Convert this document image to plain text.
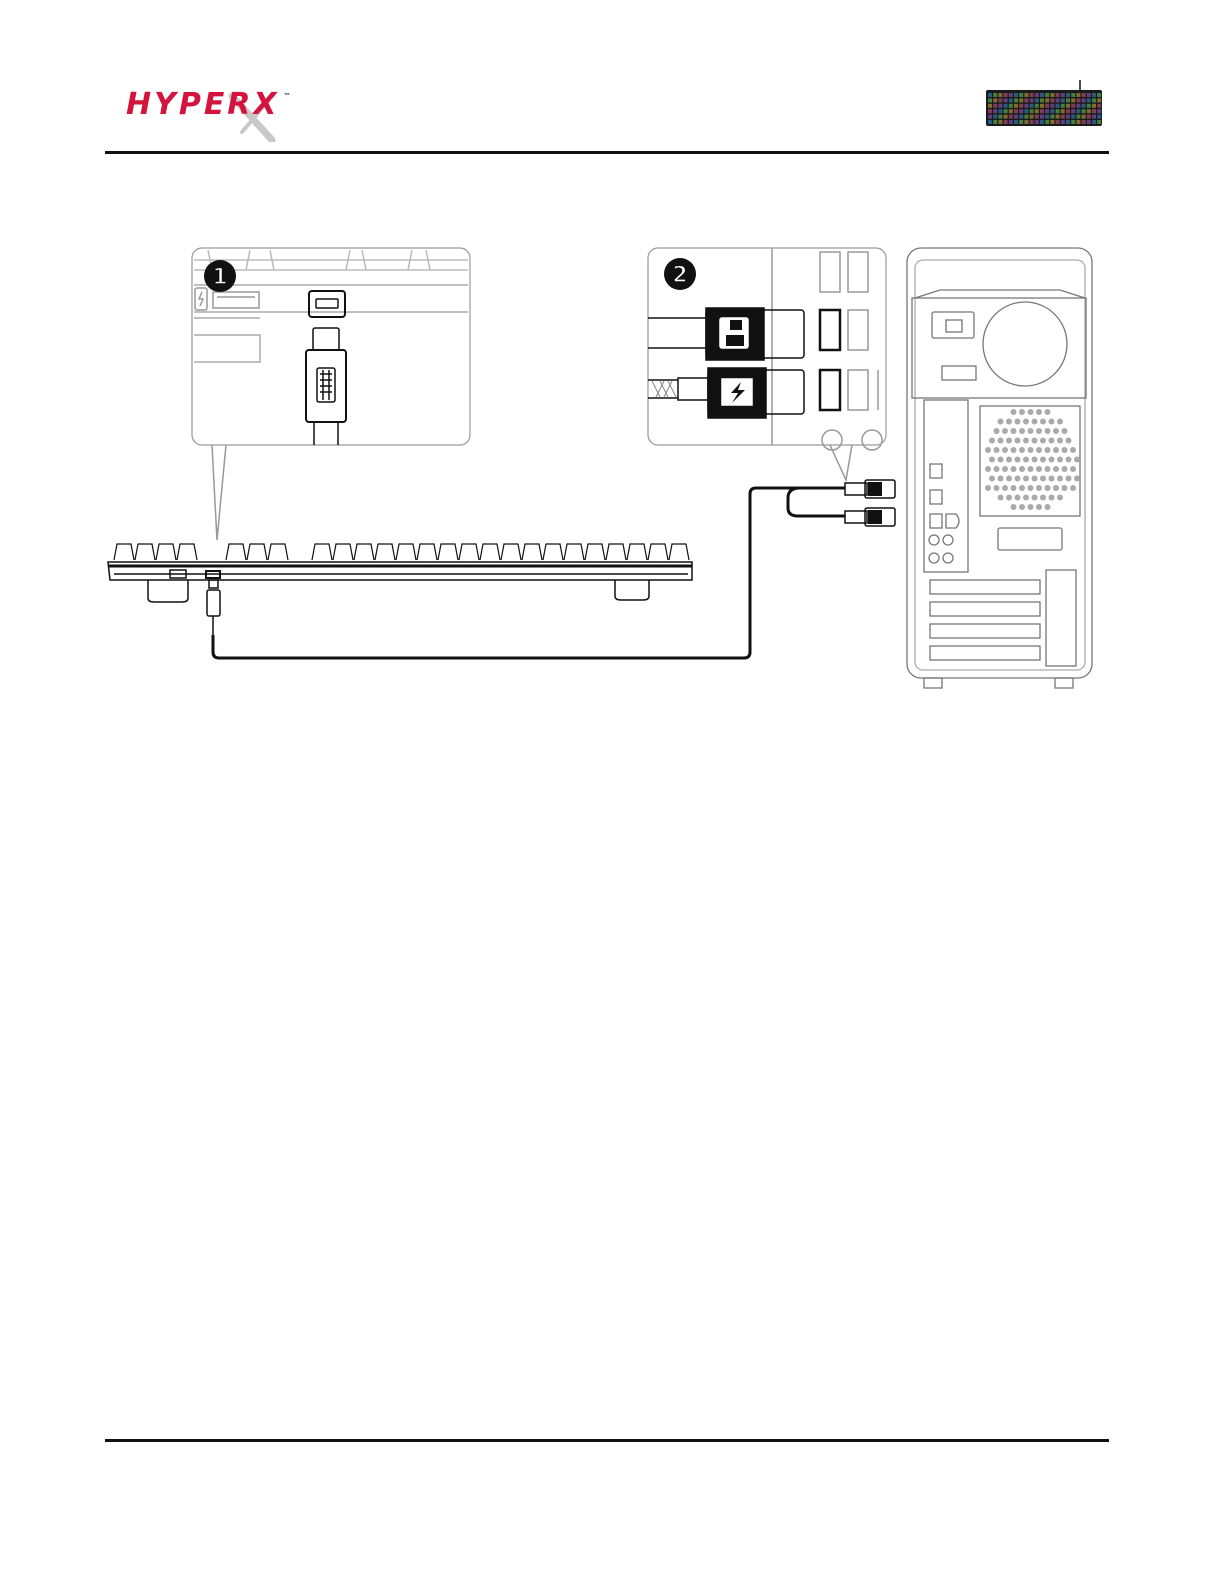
HYPERX ™
1	2
